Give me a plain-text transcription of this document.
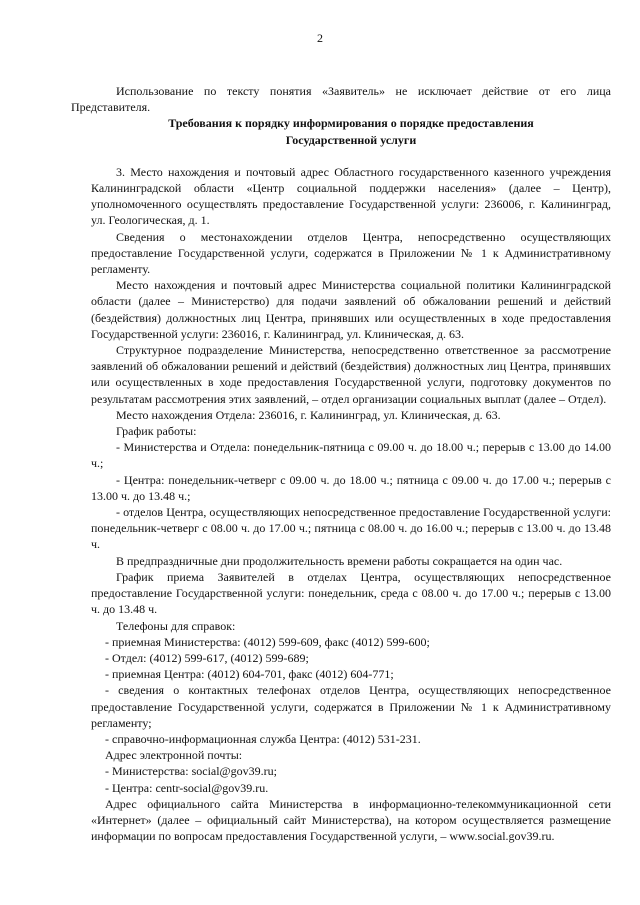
2

Использование по тексту понятия «Заявитель» не исключает действие от его лица Представителя.

Требования к порядку информирования о порядке предоставления Государственной услуги

3. Место нахождения и почтовый адрес Областного государственного казенного учреждения Калининградской области «Центр социальной поддержки населения» (далее – Центр), уполномоченного осуществлять предоставление Государственной услуги: 236006, г. Калининград, ул. Геологическая, д. 1.

Сведения о местонахождении отделов Центра, непосредственно осуществляющих предоставление Государственной услуги, содержатся в Приложении № 1 к Административному регламенту.

Место нахождения и почтовый адрес Министерства социальной политики Калининградской области (далее – Министерство) для подачи заявлений об обжаловании решений и действий (бездействия) должностных лиц Центра, принявших или осуществленных в ходе предоставления Государственной услуги: 236016, г. Калининград, ул. Клиническая, д. 63.

Структурное подразделение Министерства, непосредственно ответственное за рассмотрение заявлений об обжаловании решений и действий (бездействия) должностных лиц Центра, принявших или осуществленных в ходе предоставления Государственной услуги, подготовку документов по результатам рассмотрения этих заявлений, – отдел организации социальных выплат (далее – Отдел).

Место нахождения Отдела: 236016, г. Калининград, ул. Клиническая, д. 63.

График работы:

- Министерства и Отдела: понедельник-пятница с 09.00 ч. до 18.00 ч.; перерыв с 13.00 до 14.00 ч.;

- Центра: понедельник-четверг с 09.00 ч. до 18.00 ч.; пятница с 09.00 ч. до 17.00 ч.; перерыв с 13.00 ч. до 13.48 ч.;

- отделов Центра, осуществляющих непосредственное предоставление Государственной услуги: понедельник-четверг с 08.00 ч. до 17.00 ч.; пятница с 08.00 ч. до 16.00 ч.; перерыв с 13.00 ч. до 13.48 ч.

В предпраздничные дни продолжительность времени работы сокращается на один час.

График приема Заявителей в отделах Центра, осуществляющих непосредственное предоставление Государственной услуги: понедельник, среда с 08.00 ч. до 17.00 ч.; перерыв с 13.00 ч. до 13.48 ч.

Телефоны для справок:

- приемная Министерства: (4012) 599-609, факс (4012) 599-600;

- Отдел: (4012) 599-617, (4012) 599-689;

- приемная Центра: (4012) 604-701, факс (4012) 604-771;

- сведения о контактных телефонах отделов Центра, осуществляющих непосредственное предоставление Государственной услуги, содержатся в Приложении № 1 к Административному регламенту;

- справочно-информационная служба Центра: (4012) 531-231.

Адрес электронной почты:

- Министерства: social@gov39.ru;

- Центра: centr-social@gov39.ru.

Адрес официального сайта Министерства в информационно-телекоммуникационной сети «Интернет» (далее – официальный сайт Министерства), на котором осуществляется размещение информации по вопросам предоставления Государственной услуги, – www.social.gov39.ru.
